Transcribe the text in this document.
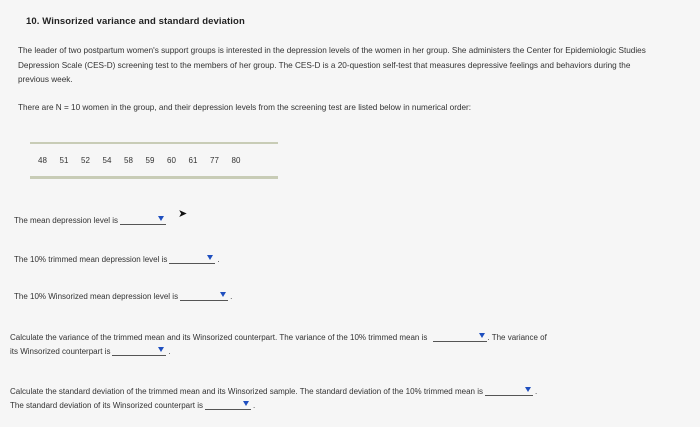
10. Winsorized variance and standard deviation
The leader of two postpartum women's support groups is interested in the depression levels of the women in her group. She administers the Center for Epidemiologic Studies Depression Scale (CES-D) screening test to the members of her group. The CES-D is a 20-question self-test that measures depressive feelings and behaviors during the previous week.
There are N = 10 women in the group, and their depression levels from the screening test are listed below in numerical order:
48 51 52 54 58 59 60 61 77 80
The mean depression level is
➤
The 10% trimmed mean depression level is	.
The 10% Winsorized mean depression level is	.
Calculate the variance of the trimmed mean and its Winsorized counterpart. The variance of the 10% trimmed mean is	. The variance of
its Winsorized counterpart is	.
Calculate the standard deviation of the trimmed mean and its Winsorized sample. The standard deviation of the 10% trimmed mean is	.
The standard deviation of its Winsorized counterpart is	.
